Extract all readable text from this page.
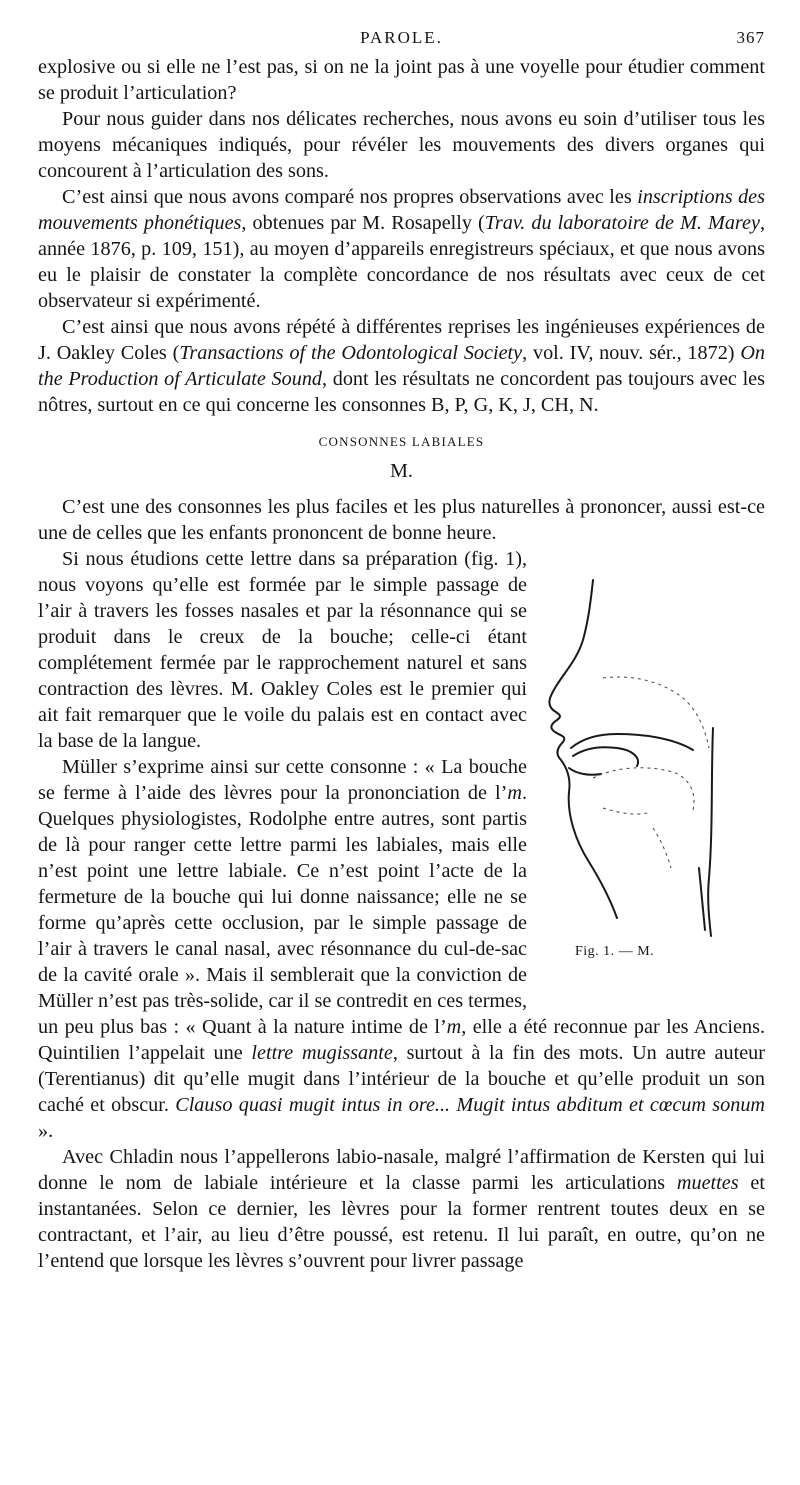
PAROLE.	367

explosive ou si elle ne l’est pas, si on ne la joint pas à une voyelle pour étudier comment se produit l’articulation?

Pour nous guider dans nos délicates recherches, nous avons eu soin d’utiliser tous les moyens mécaniques indiqués, pour révéler les mouvements des divers organes qui concourent à l’articulation des sons.

C’est ainsi que nous avons comparé nos propres observations avec les inscriptions des mouvements phonétiques, obtenues par M. Rosapelly (Trav. du laboratoire de M. Marey, année 1876, p. 109, 151), au moyen d’appareils enregistreurs spéciaux, et que nous avons eu le plaisir de constater la complète concordance de nos résultats avec ceux de cet observateur si expérimenté.

C’est ainsi que nous avons répété à différentes reprises les ingénieuses expériences de J. Oakley Coles (Transactions of the Odontological Society, vol. IV, nouv. sér., 1872) On the Production of Articulate Sound, dont les résultats ne concordent pas toujours avec les nôtres, surtout en ce qui concerne les consonnes B, P, G, K, J, CH, N.

CONSONNES LABIALES
M.

C’est une des consonnes les plus faciles et les plus naturelles à prononcer, aussi est-ce une de celles que les enfants prononcent de bonne heure.

Fig. 1. — M.

Si nous étudions cette lettre dans sa préparation (fig. 1), nous voyons qu’elle est formée par le simple passage de l’air à travers les fosses nasales et par la résonnance qui se produit dans le creux de la bouche; celle-ci étant complétement fermée par le rapprochement naturel et sans contraction des lèvres. M. Oakley Coles est le premier qui ait fait remarquer que le voile du palais est en contact avec la base de la langue.

Müller s’exprime ainsi sur cette consonne : « La bouche se ferme à l’aide des lèvres pour la prononciation de l’m. Quelques physiologistes, Rodolphe entre autres, sont partis de là pour ranger cette lettre parmi les labiales, mais elle n’est point une lettre labiale. Ce n’est point l’acte de la fermeture de la bouche qui lui donne naissance; elle ne se forme qu’après cette occlusion, par le simple passage de l’air à travers le canal nasal, avec résonnance du cul-de-sac de la cavité orale ». Mais il semblerait que la conviction de Müller n’est pas très-solide, car il se contredit en ces termes, un peu plus bas : « Quant à la nature intime de l’m, elle a été reconnue par les Anciens. Quintilien l’appelait une lettre mugissante, surtout à la fin des mots. Un autre auteur (Terentianus) dit qu’elle mugit dans l’intérieur de la bouche et qu’elle produit un son caché et obscur. Clauso quasi mugit intus in ore... Mugit intus abditum et cœcum sonum ».

Avec Chladin nous l’appellerons labio-nasale, malgré l’affirmation de Kersten qui lui donne le nom de labiale intérieure et la classe parmi les articulations muettes et instantanées. Selon ce dernier, les lèvres pour la former rentrent toutes deux en se contractant, et l’air, au lieu d’être poussé, est retenu. Il lui paraît, en outre, qu’on ne l’entend que lorsque les lèvres s’ouvrent pour livrer passage
